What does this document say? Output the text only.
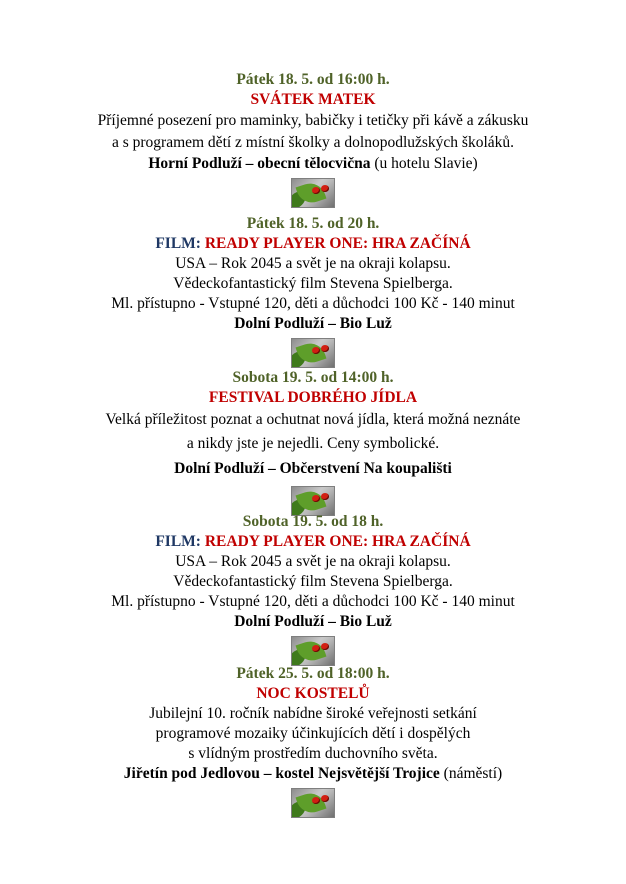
Pátek 18. 5. od 16:00 h.
SVÁTEK MATEK
Příjemné posezení pro maminky, babičky i tetičky při kávě a zákusku
a s programem dětí z místní školky a dolnopodlužských školáků.
Horní Podluží – obecní tělocvična (u hotelu Slavie)
Pátek 18. 5. od 20 h.
FILM: READY PLAYER ONE: HRA ZAČÍNÁ
USA – Rok 2045 a svět je na okraji kolapsu.
Vědeckofantastický film Stevena Spielberga.
Ml. přístupno - Vstupné 120, děti a důchodci 100 Kč - 140 minut
Dolní Podluží – Bio Luž
Sobota 19. 5. od 14:00 h.
FESTIVAL DOBRÉHO JÍDLA
Velká příležitost poznat a ochutnat nová jídla, která možná neznáte
a nikdy jste je nejedli. Ceny symbolické.
Dolní Podluží – Občerstvení Na koupališti
Sobota 19. 5. od 18 h.
FILM: READY PLAYER ONE: HRA ZAČÍNÁ
USA – Rok 2045 a svět je na okraji kolapsu.
Vědeckofantastický film Stevena Spielberga.
Ml. přístupno - Vstupné 120, děti a důchodci 100 Kč - 140 minut
Dolní Podluží – Bio Luž
Pátek 25. 5. od 18:00 h.
NOC KOSTELŮ
Jubilejní 10. ročník nabídne široké veřejnosti setkání
programové mozaiky účinkujících dětí i dospělých
s vlídným prostředím duchovního světa.
Jiřetín pod Jedlovou – kostel Nejsvětější Trojice (náměstí)
